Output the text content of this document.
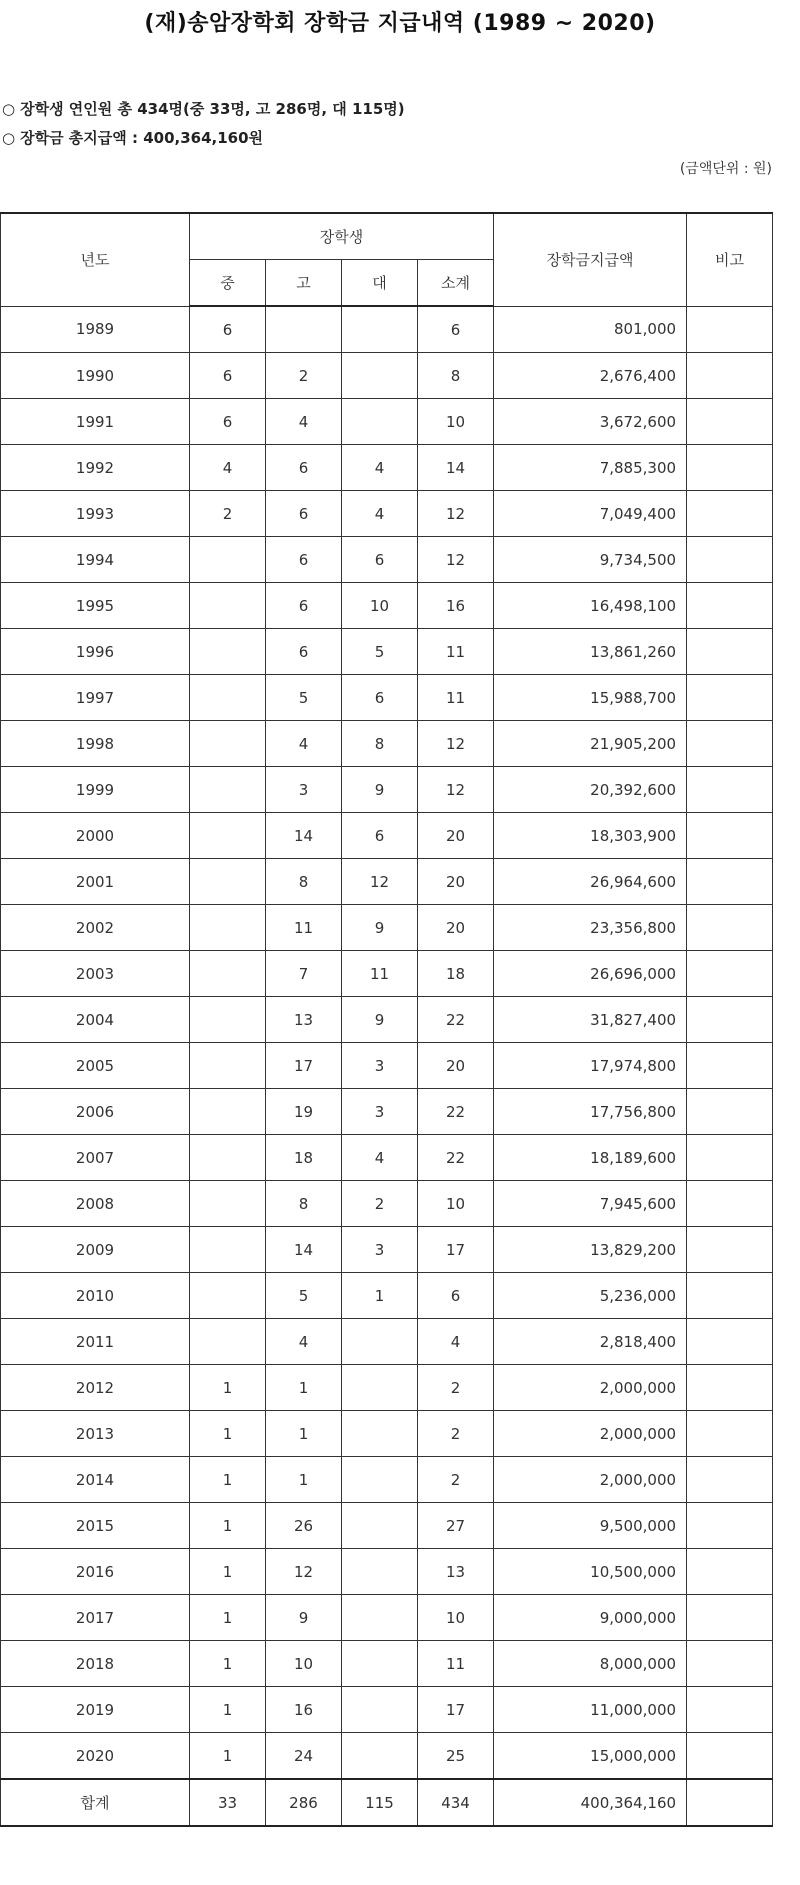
(재)송암장학회 장학금 지급내역 (1989 ~ 2020)
○ 장학생 연인원 총 434명(중 33명, 고 286명, 대 115명)
○ 장학금 총지급액 : 400,364,160원
(금액단위 : 원)
년도	장학생				장학금지급액	비고
	중	고	대	소계		
1989	6			6	801,000	
1990	6	2		8	2,676,400	
1991	6	4		10	3,672,600	
1992	4	6	4	14	7,885,300	
1993	2	6	4	12	7,049,400	
1994		6	6	12	9,734,500	
1995		6	10	16	16,498,100	
1996		6	5	11	13,861,260	
1997		5	6	11	15,988,700	
1998		4	8	12	21,905,200	
1999		3	9	12	20,392,600	
2000		14	6	20	18,303,900	
2001		8	12	20	26,964,600	
2002		11	9	20	23,356,800	
2003		7	11	18	26,696,000	
2004		13	9	22	31,827,400	
2005		17	3	20	17,974,800	
2006		19	3	22	17,756,800	
2007		18	4	22	18,189,600	
2008		8	2	10	7,945,600	
2009		14	3	17	13,829,200	
2010		5	1	6	5,236,000	
2011		4		4	2,818,400	
2012	1	1		2	2,000,000	
2013	1	1		2	2,000,000	
2014	1	1		2	2,000,000	
2015	1	26		27	9,500,000	
2016	1	12		13	10,500,000	
2017	1	9		10	9,000,000	
2018	1	10		11	8,000,000	
2019	1	16		17	11,000,000	
2020	1	24		25	15,000,000	
합계	33	286	115	434	400,364,160	
